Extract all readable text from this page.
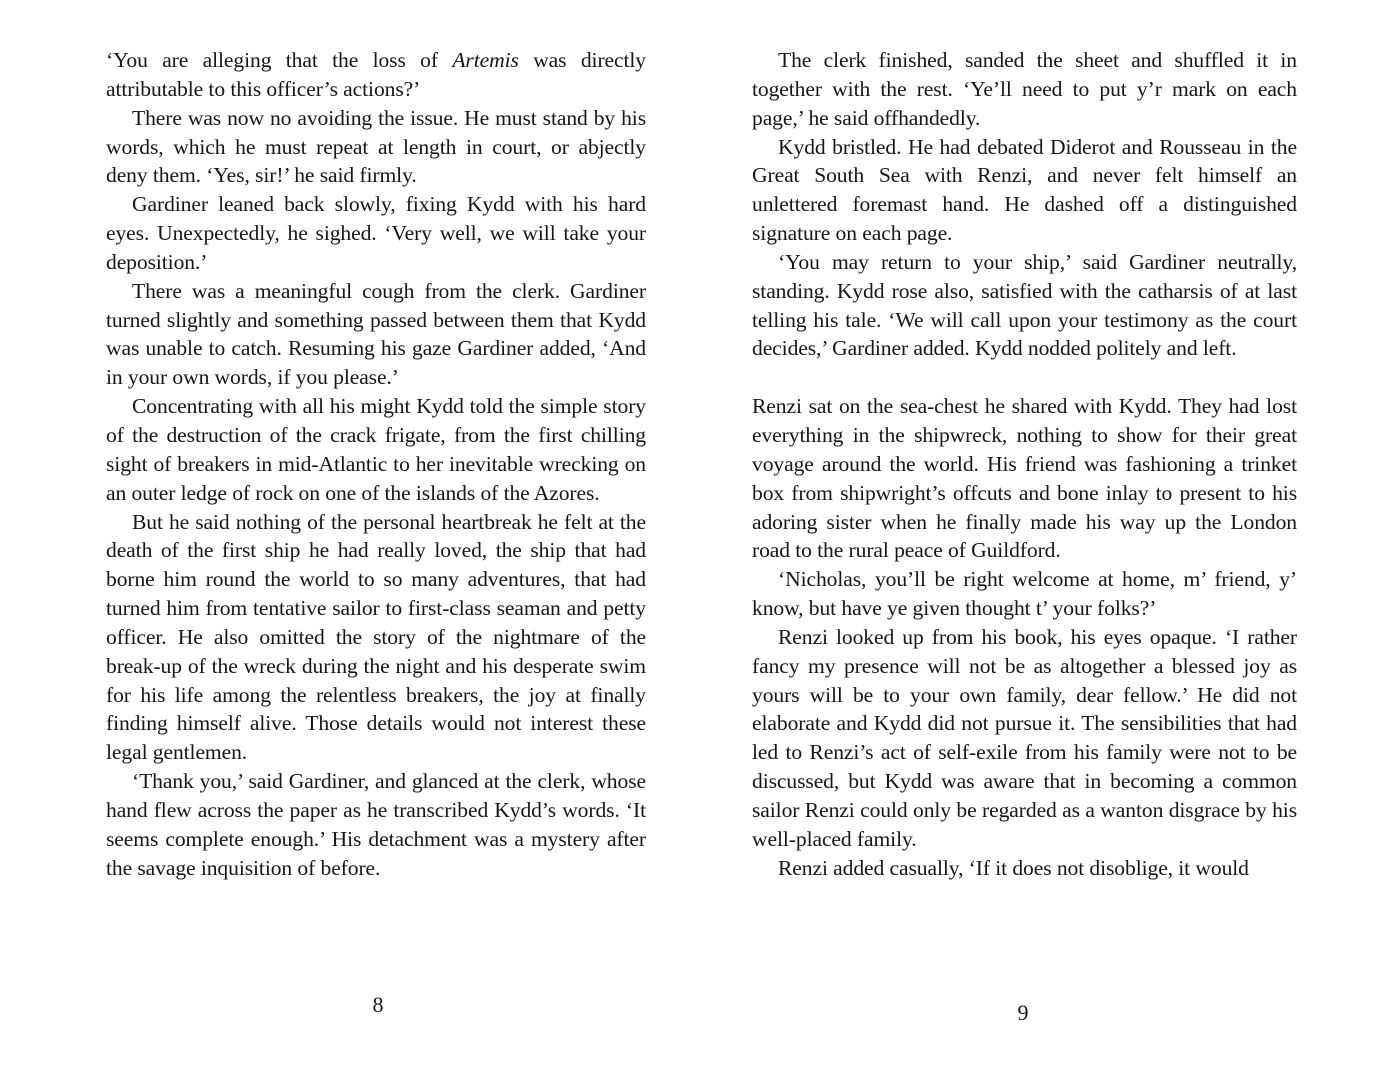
‘You are alleging that the loss of Artemis was directly attributable to this officer’s actions?’

There was now no avoiding the issue. He must stand by his words, which he must repeat at length in court, or abjectly deny them. ‘Yes, sir!’ he said firmly.

Gardiner leaned back slowly, fixing Kydd with his hard eyes. Unexpectedly, he sighed. ‘Very well, we will take your deposition.’

There was a meaningful cough from the clerk. Gardiner turned slightly and something passed between them that Kydd was unable to catch. Resuming his gaze Gardiner added, ‘And in your own words, if you please.’

Concentrating with all his might Kydd told the simple story of the destruction of the crack frigate, from the first chilling sight of breakers in mid-Atlantic to her inevitable wrecking on an outer ledge of rock on one of the islands of the Azores.

But he said nothing of the personal heartbreak he felt at the death of the first ship he had really loved, the ship that had borne him round the world to so many adventures, that had turned him from tentative sailor to first-class seaman and petty officer. He also omitted the story of the nightmare of the break-up of the wreck during the night and his desperate swim for his life among the relentless breakers, the joy at finally finding himself alive. Those details would not interest these legal gentlemen.

‘Thank you,’ said Gardiner, and glanced at the clerk, whose hand flew across the paper as he transcribed Kydd’s words. ‘It seems complete enough.’ His detachment was a mystery after the savage inquisition of before.

8

The clerk finished, sanded the sheet and shuffled it in together with the rest. ‘Ye’ll need to put y’r mark on each page,’ he said offhandedly.

Kydd bristled. He had debated Diderot and Rousseau in the Great South Sea with Renzi, and never felt himself an unlettered foremast hand. He dashed off a distinguished signature on each page.

‘You may return to your ship,’ said Gardiner neutrally, standing. Kydd rose also, satisfied with the catharsis of at last telling his tale. ‘We will call upon your testimony as the court decides,’ Gardiner added. Kydd nodded politely and left.

Renzi sat on the sea-chest he shared with Kydd. They had lost everything in the shipwreck, nothing to show for their great voyage around the world. His friend was fashioning a trinket box from shipwright’s offcuts and bone inlay to present to his adoring sister when he finally made his way up the London road to the rural peace of Guildford.

‘Nicholas, you’ll be right welcome at home, m’ friend, y’ know, but have ye given thought t’ your folks?’

Renzi looked up from his book, his eyes opaque. ‘I rather fancy my presence will not be as altogether a blessed joy as yours will be to your own family, dear fellow.’ He did not elaborate and Kydd did not pursue it. The sensibilities that had led to Renzi’s act of self-exile from his family were not to be discussed, but Kydd was aware that in becoming a common sailor Renzi could only be regarded as a wanton disgrace by his well-placed family.

Renzi added casually, ‘If it does not disoblige, it would

9
